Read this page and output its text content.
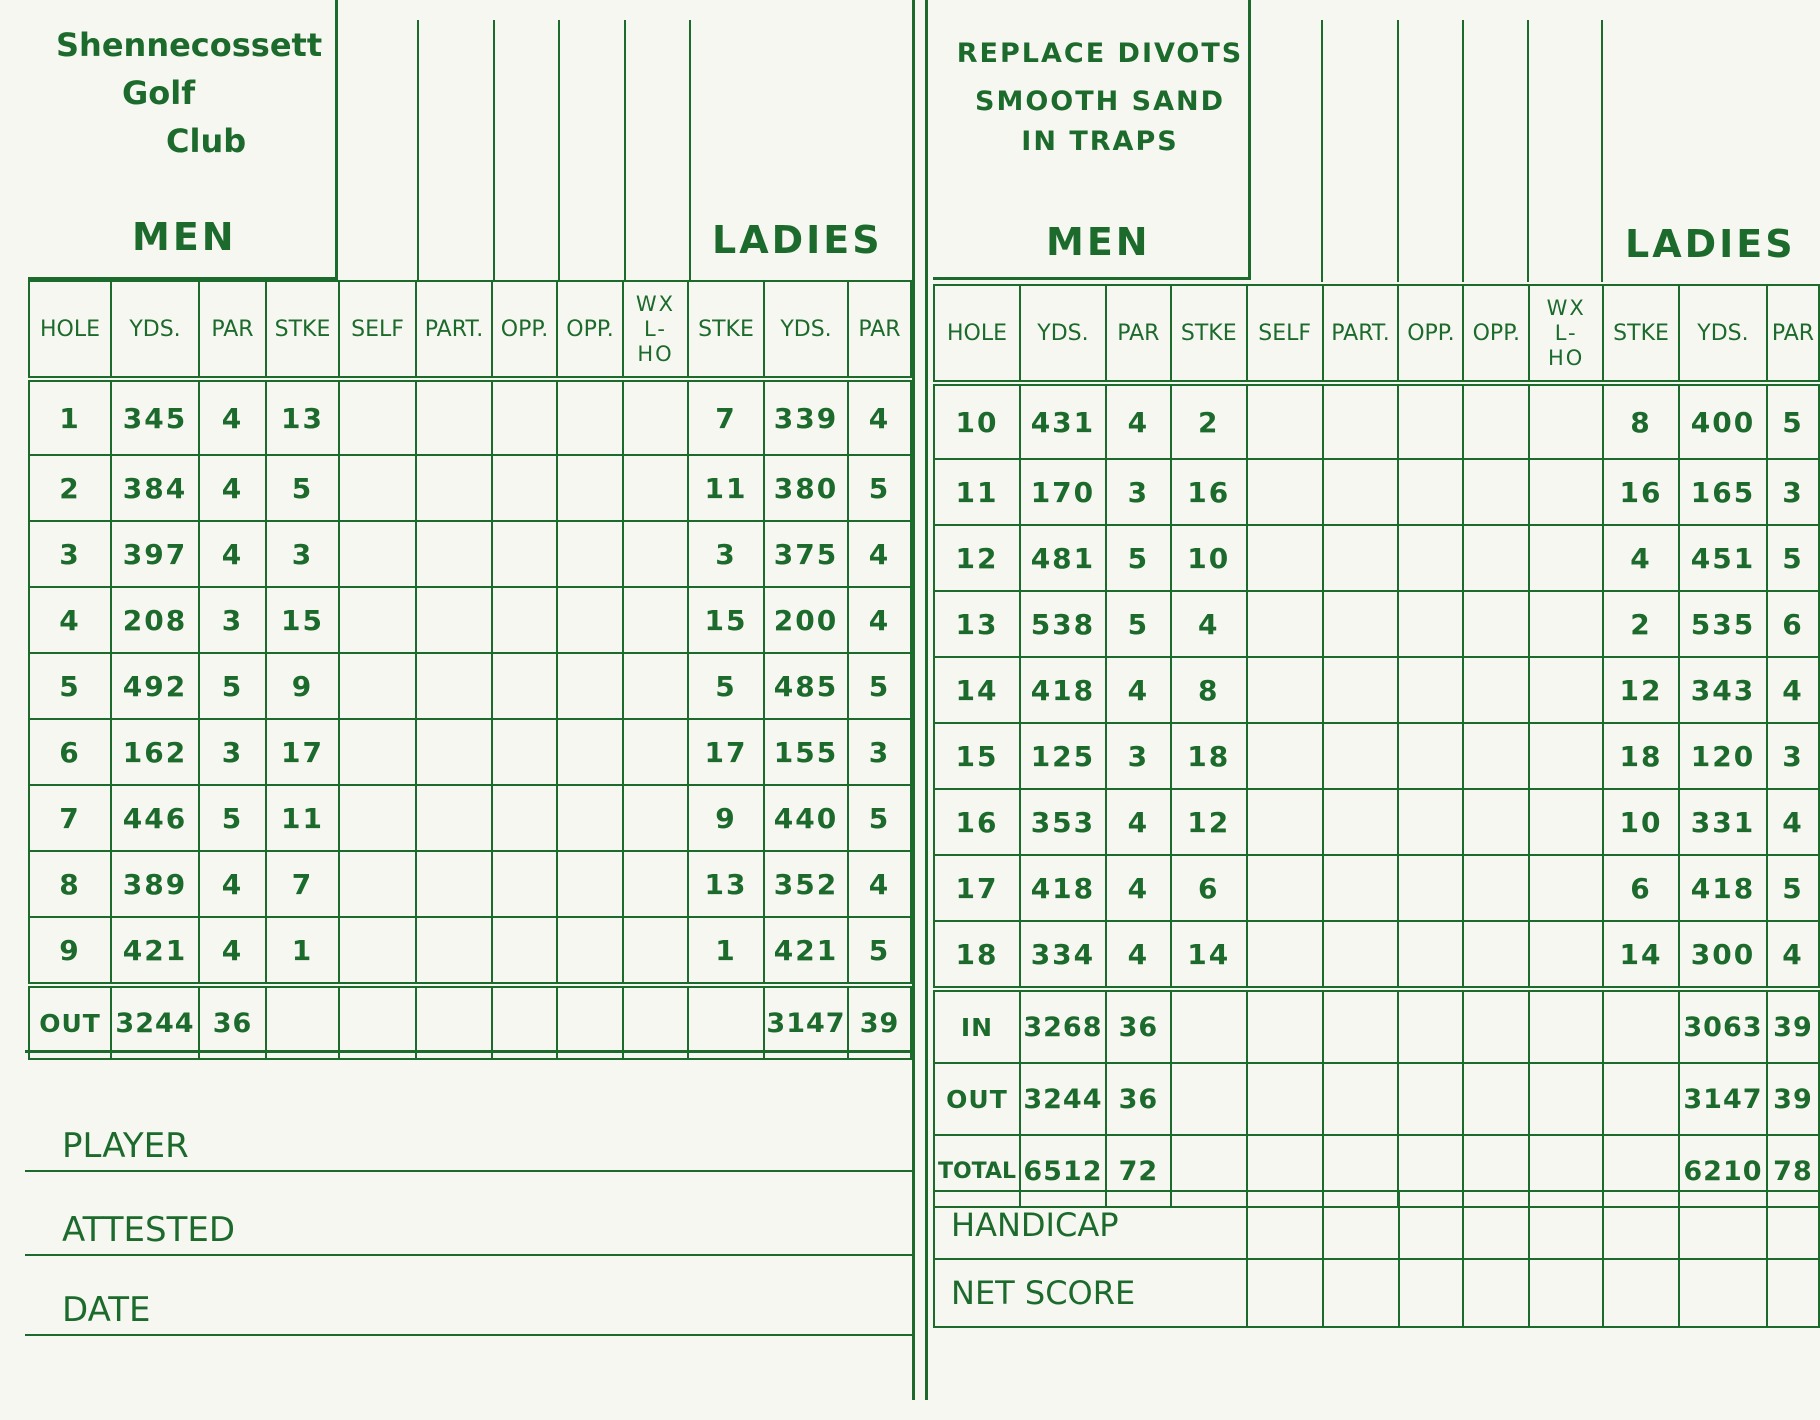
Shennecossett
Golf
Club
MEN	LADIES
HOLE	YDS.	PAR	STKE	SELF	PART.	OPP.	OPP.	WX
L-
HO	STKE	YDS.	PAR
1	345	4	13						7	339	4
2	384	4	5						11	380	5
3	397	4	3						3	375	4
4	208	3	15						15	200	4
5	492	5	9						5	485	5
6	162	3	17						17	155	3
7	446	5	11						9	440	5
8	389	4	7						13	352	4
9	421	4	1						1	421	5
OUT	3244	36								3147	39
PLAYER
ATTESTED
DATE
REPLACE DIVOTS
SMOOTH SAND
IN TRAPS
MEN	LADIES
HOLE	YDS.	PAR	STKE	SELF	PART.	OPP.	OPP.	WX
L-
HO	STKE	YDS.	PAR
10	431	4	2						8	400	5
11	170	3	16						16	165	3
12	481	5	10						4	451	5
13	538	5	4						2	535	6
14	418	4	8						12	343	4
15	125	3	18						18	120	3
16	353	4	12						10	331	4
17	418	4	6						6	418	5
18	334	4	14						14	300	4
IN	3268	36								3063	39
OUT	3244	36								3147	39
TOTAL	6512	72								6210	78
HANDICAP								
NET SCORE								
